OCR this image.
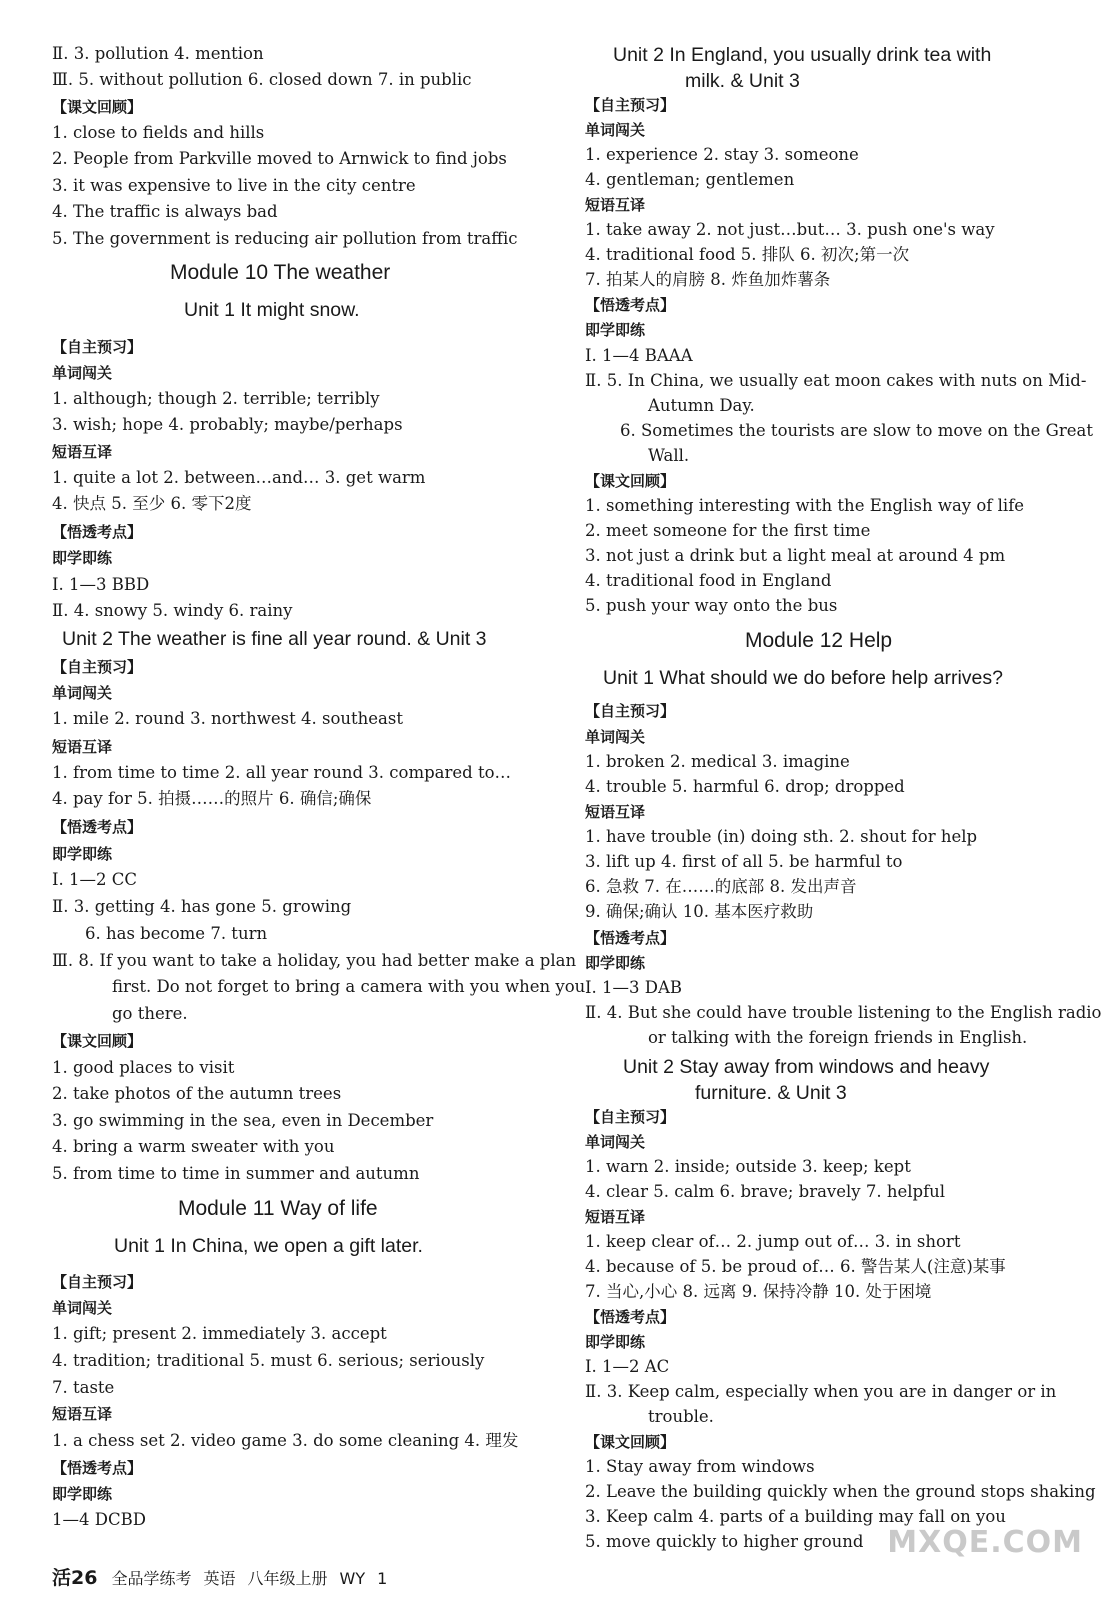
Ⅱ. 3. pollution 4. mention
Ⅲ. 5. without pollution 6. closed down 7. in public
【课文回顾】
1. close to fields and hills
2. People from Parkville moved to Arnwick to find jobs
3. it was expensive to live in the city centre
4. The traffic is always bad
5. The government is reducing air pollution from traffic
Module 10 The weather
Unit 1 It might snow.
【自主预习】
单词闯关
1. although; though 2. terrible; terribly
3. wish; hope 4. probably; maybe/perhaps
短语互译
1. quite a lot 2. between…and… 3. get warm
4. 快点 5. 至少 6. 零下2度
【悟透考点】
即学即练
Ⅰ. 1—3 BBD
Ⅱ. 4. snowy 5. windy 6. rainy
Unit 2 The weather is fine all year round. & Unit 3
【自主预习】
单词闯关
1. mile 2. round 3. northwest 4. southeast
短语互译
1. from time to time 2. all year round 3. compared to…
4. pay for 5. 拍摄……的照片 6. 确信;确保
【悟透考点】
即学即练
Ⅰ. 1—2 CC
Ⅱ. 3. getting 4. has gone 5. growing
6. has become 7. turn
Ⅲ. 8. If you want to take a holiday, you had better make a plan
first. Do not forget to bring a camera with you when you
go there.
【课文回顾】
1. good places to visit
2. take photos of the autumn trees
3. go swimming in the sea, even in December
4. bring a warm sweater with you
5. from time to time in summer and autumn
Module 11 Way of life
Unit 1 In China, we open a gift later.
【自主预习】
单词闯关
1. gift; present 2. immediately 3. accept
4. tradition; traditional 5. must 6. serious; seriously
7. taste
短语互译
1. a chess set 2. video game 3. do some cleaning 4. 理发
【悟透考点】
即学即练
1—4 DCBD
Unit 2 In England, you usually drink tea with
milk. & Unit 3
【自主预习】
单词闯关
1. experience 2. stay 3. someone
4. gentleman; gentlemen
短语互译
1. take away 2. not just…but… 3. push one's way
4. traditional food 5. 排队 6. 初次;第一次
7. 拍某人的肩膀 8. 炸鱼加炸薯条
【悟透考点】
即学即练
Ⅰ. 1—4 BAAA
Ⅱ. 5. In China, we usually eat moon cakes with nuts on Mid-
Autumn Day.
6. Sometimes the tourists are slow to move on the Great
Wall.
【课文回顾】
1. something interesting with the English way of life
2. meet someone for the first time
3. not just a drink but a light meal at around 4 pm
4. traditional food in England
5. push your way onto the bus
Module 12 Help
Unit 1 What should we do before help arrives?
【自主预习】
单词闯关
1. broken 2. medical 3. imagine
4. trouble 5. harmful 6. drop; dropped
短语互译
1. have trouble (in) doing sth. 2. shout for help
3. lift up 4. first of all 5. be harmful to
6. 急救 7. 在……的底部 8. 发出声音
9. 确保;确认 10. 基本医疗救助
【悟透考点】
即学即练
Ⅰ. 1—3 DAB
Ⅱ. 4. But she could have trouble listening to the English radio
or talking with the foreign friends in English.
Unit 2 Stay away from windows and heavy
furniture. & Unit 3
【自主预习】
单词闯关
1. warn 2. inside; outside 3. keep; kept
4. clear 5. calm 6. brave; bravely 7. helpful
短语互译
1. keep clear of… 2. jump out of… 3. in short
4. because of 5. be proud of… 6. 警告某人(注意)某事
7. 当心,小心 8. 远离 9. 保持冷静 10. 处于困境
【悟透考点】
即学即练
Ⅰ. 1—2 AC
Ⅱ. 3. Keep calm, especially when you are in danger or in
trouble.
【课文回顾】
1. Stay away from windows
2. Leave the building quickly when the ground stops shaking
3. Keep calm 4. parts of a building may fall on you
5. move quickly to higher ground
活26 全品学练考 英语 八年级上册 WY 1
MXQE.COM
